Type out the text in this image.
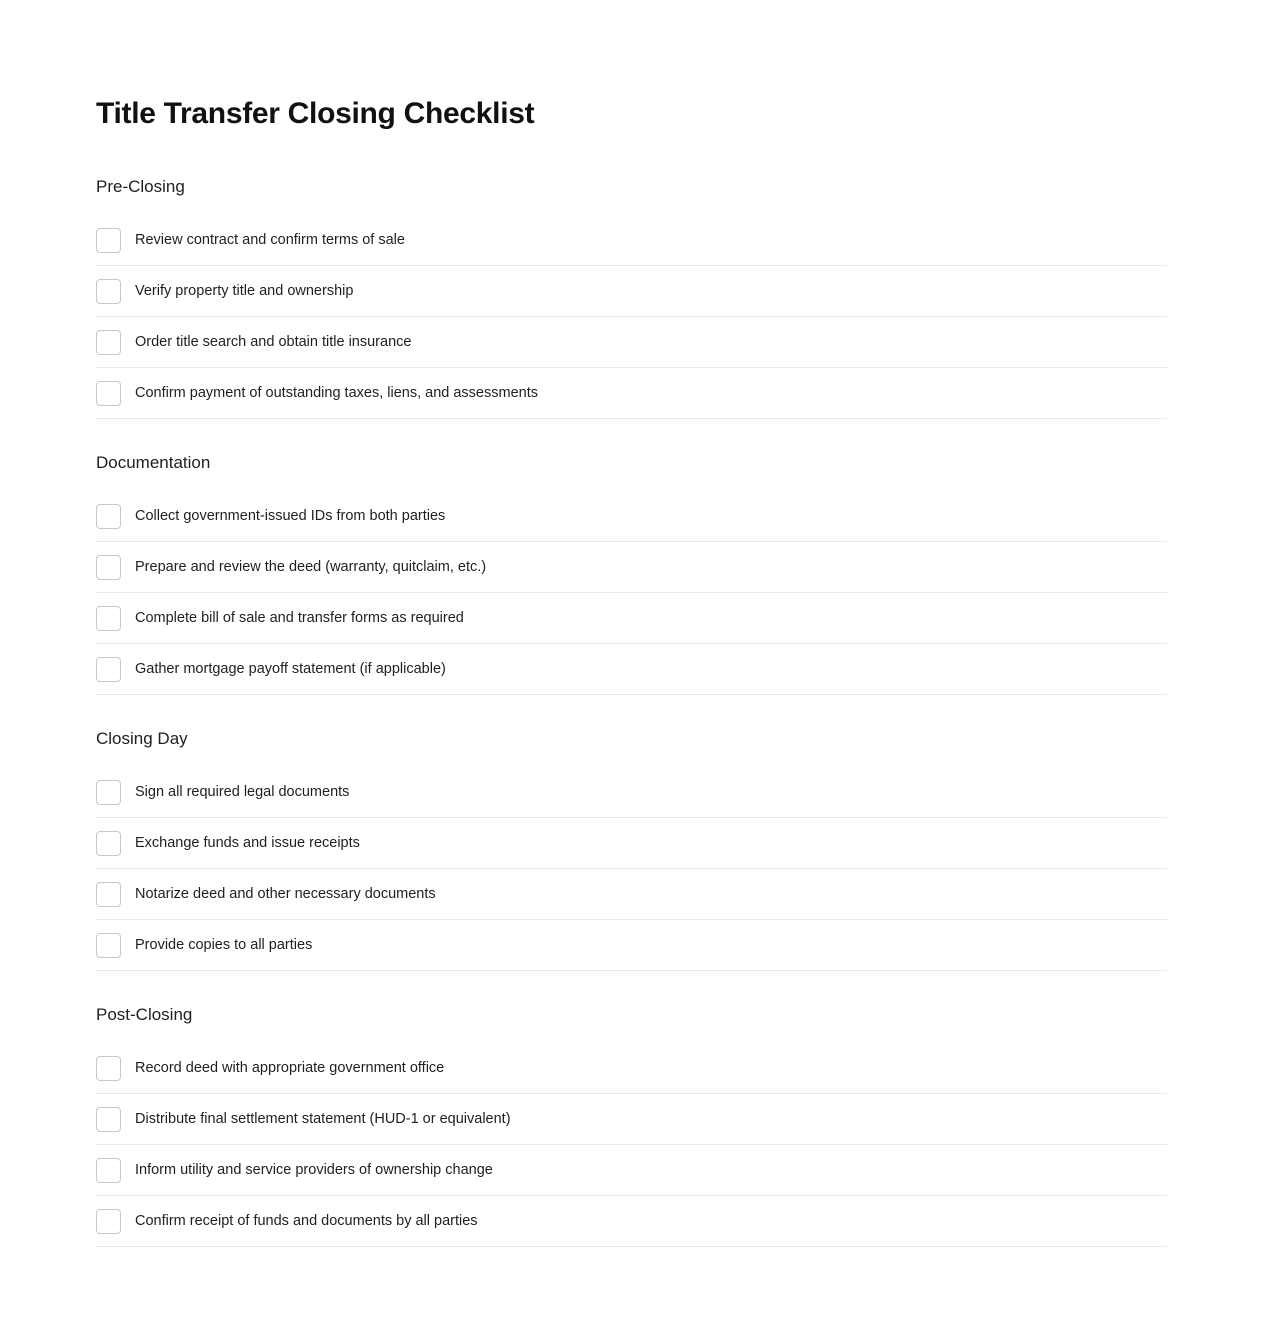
Title Transfer Closing Checklist
Pre-Closing
Review contract and confirm terms of sale
Verify property title and ownership
Order title search and obtain title insurance
Confirm payment of outstanding taxes, liens, and assessments
Documentation
Collect government-issued IDs from both parties
Prepare and review the deed (warranty, quitclaim, etc.)
Complete bill of sale and transfer forms as required
Gather mortgage payoff statement (if applicable)
Closing Day
Sign all required legal documents
Exchange funds and issue receipts
Notarize deed and other necessary documents
Provide copies to all parties
Post-Closing
Record deed with appropriate government office
Distribute final settlement statement (HUD-1 or equivalent)
Inform utility and service providers of ownership change
Confirm receipt of funds and documents by all parties
